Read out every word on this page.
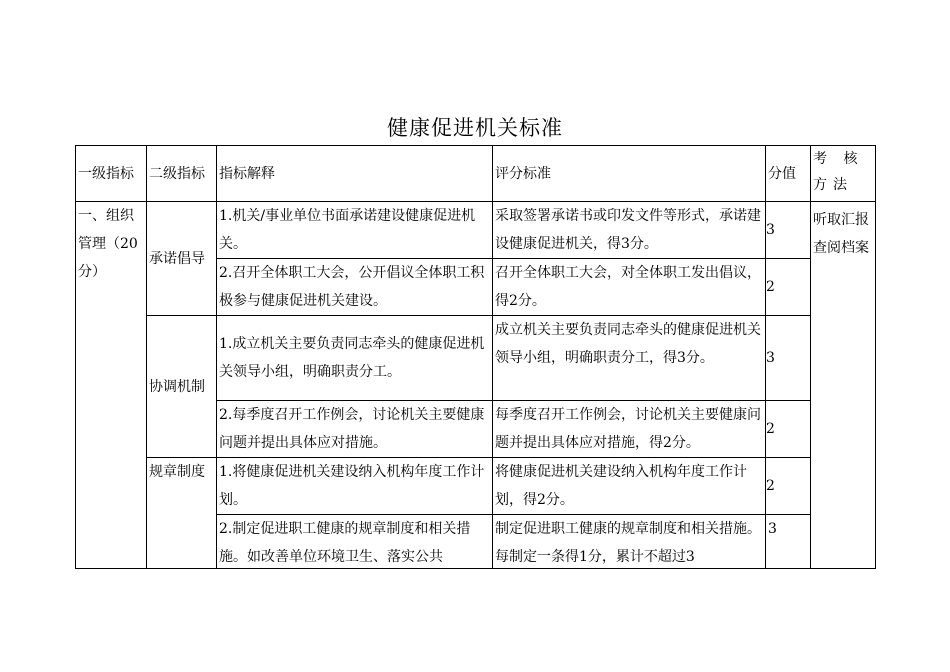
健康促进机关标准
一级指标	二级指标	指标解释	评分标准	分值	考 核 方法
一、组织管理（20分）	承诺倡导	1.机关/事业单位书面承诺建设健康促进机关。	采取签署承诺书或印发文件等形式，承诺建设健康促进机关，得3分。	3	听取汇报查阅档案
		2.召开全体职工大会，公开倡议全体职工积极参与健康促进机关建设。	召开全体职工大会，对全体职工发出倡议，得2分。	2	
	协调机制	1.成立机关主要负责同志牵头的健康促进机关领导小组，明确职责分工。	成立机关主要负责同志牵头的健康促进机关领导小组，明确职责分工，得3分。	3	
		2.每季度召开工作例会，讨论机关主要健康问题并提出具体应对措施。	每季度召开工作例会，讨论机关主要健康问题并提出具体应对措施，得2分。	2	
	规章制度	1.将健康促进机关建设纳入机构年度工作计划。	将健康促进机关建设纳入机构年度工作计划，得2分。	2	

		2.制定促进职工健康的规章制度和相关措施。如改善单位环境卫生、落实公共	制定促进职工健康的规章制度和相关措施。每制定一条得1分，累计不超过3	3	
